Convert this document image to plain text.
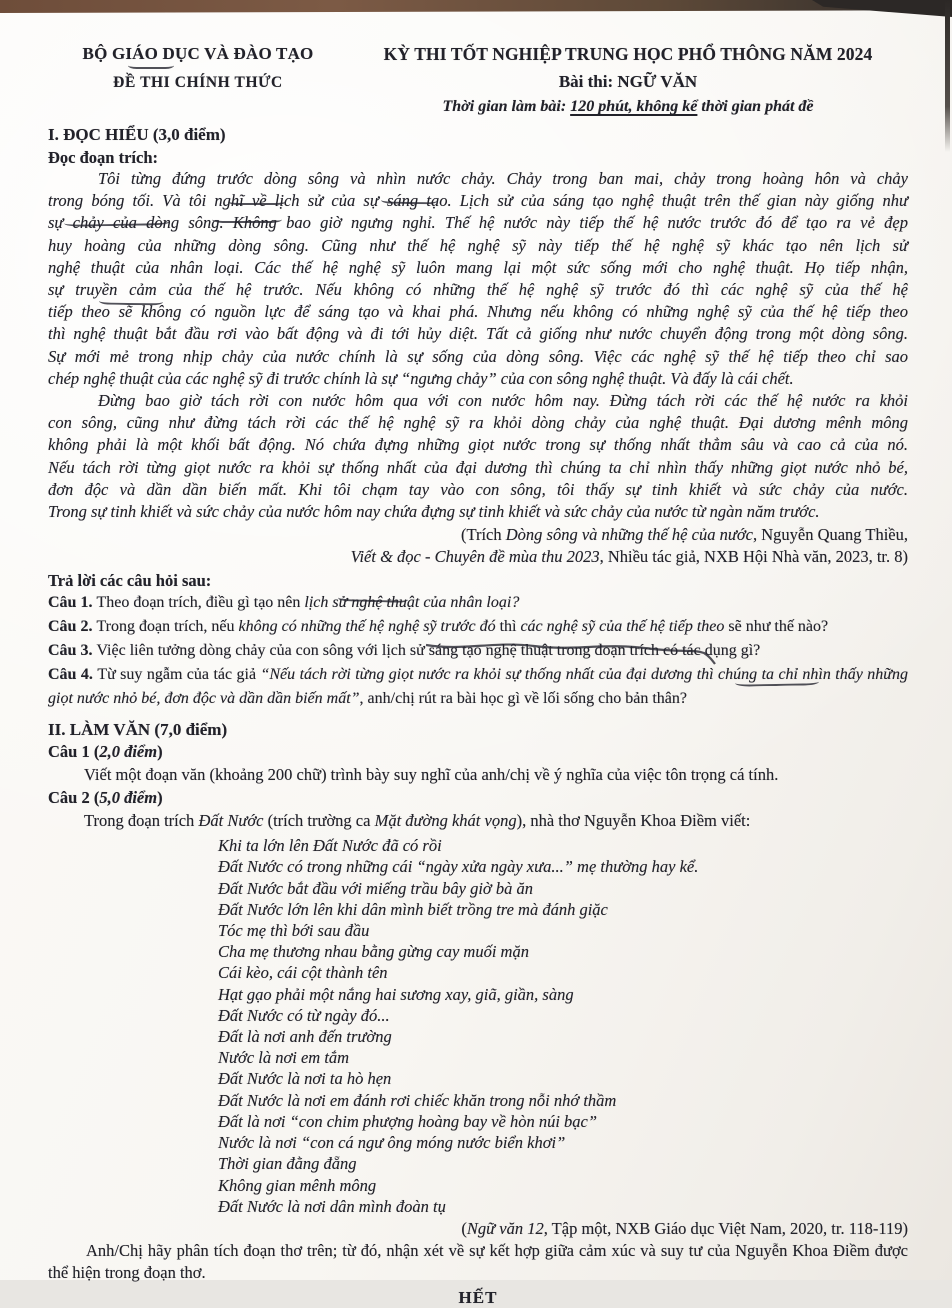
BỘ GIÁO DỤC VÀ ĐÀO TẠO
ĐỀ THI CHÍNH THỨC
KỲ THI TỐT NGHIỆP TRUNG HỌC PHỔ THÔNG NĂM 2024
Bài thi: NGỮ VĂN
Thời gian làm bài: 120 phút, không kể thời gian phát đề
I. ĐỌC HIỂU (3,0 điểm)
Đọc đoạn trích:

Tôi từng đứng trước dòng sông và nhìn nước chảy. Chảy trong ban mai, chảy trong hoàng hôn và chảy

trong bóng tối. Và tôi nghĩ về lịch sử của sự sáng tạo. Lịch sử của sáng tạo nghệ thuật trên thế gian này giống như

sự chảy của dòng sông. Không bao giờ ngưng nghỉ. Thế hệ nước này tiếp thế hệ nước trước đó để tạo ra vẻ đẹp

huy hoàng của những dòng sông. Cũng như thế hệ nghệ sỹ này tiếp thế hệ nghệ sỹ khác tạo nên lịch sử

nghệ thuật của nhân loại. Các thế hệ nghệ sỹ luôn mang lại một sức sống mới cho nghệ thuật. Họ tiếp nhận,

sự truyền cảm của thế hệ trước. Nếu không có những thế hệ nghệ sỹ trước đó thì các nghệ sỹ của thế hệ

tiếp theo sẽ không có nguồn lực để sáng tạo và khai phá. Nhưng nếu không có những nghệ sỹ của thế hệ tiếp theo

thì nghệ thuật bắt đầu rơi vào bất động và đi tới hủy diệt. Tất cả giống như nước chuyển động trong một dòng sông.

Sự mới mẻ trong nhịp chảy của nước chính là sự sống của dòng sông. Việc các nghệ sỹ thế hệ tiếp theo chỉ sao

chép nghệ thuật của các nghệ sỹ đi trước chính là sự “ngưng chảy” của con sông nghệ thuật. Và đấy là cái chết.

Đừng bao giờ tách rời con nước hôm qua với con nước hôm nay. Đừng tách rời các thế hệ nước ra khỏi

con sông, cũng như đừng tách rời các thế hệ nghệ sỹ ra khỏi dòng chảy của nghệ thuật. Đại dương mênh mông

không phải là một khối bất động. Nó chứa đựng những giọt nước trong sự thống nhất thẳm sâu và cao cả của nó.

Nếu tách rời từng giọt nước ra khỏi sự thống nhất của đại dương thì chúng ta chỉ nhìn thấy những giọt nước nhỏ bé,

đơn độc và dần dần biến mất. Khi tôi chạm tay vào con sông, tôi thấy sự tinh khiết và sức chảy của nước.

Trong sự tinh khiết và sức chảy của nước hôm nay chứa đựng sự tinh khiết và sức chảy của nước từ ngàn năm trước.

(Trích Dòng sông và những thế hệ của nước, Nguyễn Quang Thiều,
Viết & đọc - Chuyên đề mùa thu 2023, Nhiều tác giả, NXB Hội Nhà văn, 2023, tr. 8)
Trả lời các câu hỏi sau:

Câu 1. Theo đoạn trích, điều gì tạo nên lịch sử nghệ thuật của nhân loại?

Câu 2. Trong đoạn trích, nếu không có những thế hệ nghệ sỹ trước đó thì các nghệ sỹ của thế hệ tiếp theo sẽ như thế nào?

Câu 3. Việc liên tưởng dòng chảy của con sông với lịch sử sáng tạo nghệ thuật trong đoạn trích có tác dụng gì?

Câu 4. Từ suy ngẫm của tác giả “Nếu tách rời từng giọt nước ra khỏi sự thống nhất của đại dương thì chúng ta chỉ nhìn thấy những giọt nước nhỏ bé, đơn độc và dần dần biến mất”, anh/chị rút ra bài học gì về lối sống cho bản thân?

II. LÀM VĂN (7,0 điểm)
Câu 1 (2,0 điểm)
Viết một đoạn văn (khoảng 200 chữ) trình bày suy nghĩ của anh/chị về ý nghĩa của việc tôn trọng cá tính.
Câu 2 (5,0 điểm)
Trong đoạn trích Đất Nước (trích trường ca Mặt đường khát vọng), nhà thơ Nguyễn Khoa Điềm viết:
Khi ta lớn lên Đất Nước đã có rồi
Đất Nước có trong những cái “ngày xửa ngày xưa...” mẹ thường hay kể.
Đất Nước bắt đầu với miếng trầu bây giờ bà ăn
Đất Nước lớn lên khi dân mình biết trồng tre mà đánh giặc
Tóc mẹ thì bới sau đầu
Cha mẹ thương nhau bằng gừng cay muối mặn
Cái kèo, cái cột thành tên
Hạt gạo phải một nắng hai sương xay, giã, giần, sàng
Đất Nước có từ ngày đó...
Đất là nơi anh đến trường
Nước là nơi em tắm
Đất Nước là nơi ta hò hẹn
Đất Nước là nơi em đánh rơi chiếc khăn trong nỗi nhớ thầm
Đất là nơi “con chim phượng hoàng bay về hòn núi bạc”
Nước là nơi “con cá ngư ông móng nước biển khơi”
Thời gian đằng đẵng
Không gian mênh mông
Đất Nước là nơi dân mình đoàn tụ
(Ngữ văn 12, Tập một, NXB Giáo dục Việt Nam, 2020, tr. 118-119)
Anh/Chị hãy phân tích đoạn thơ trên; từ đó, nhận xét về sự kết hợp giữa cảm xúc và suy tư của Nguyễn Khoa Điềm được thể hiện trong đoạn thơ.
HẾT
